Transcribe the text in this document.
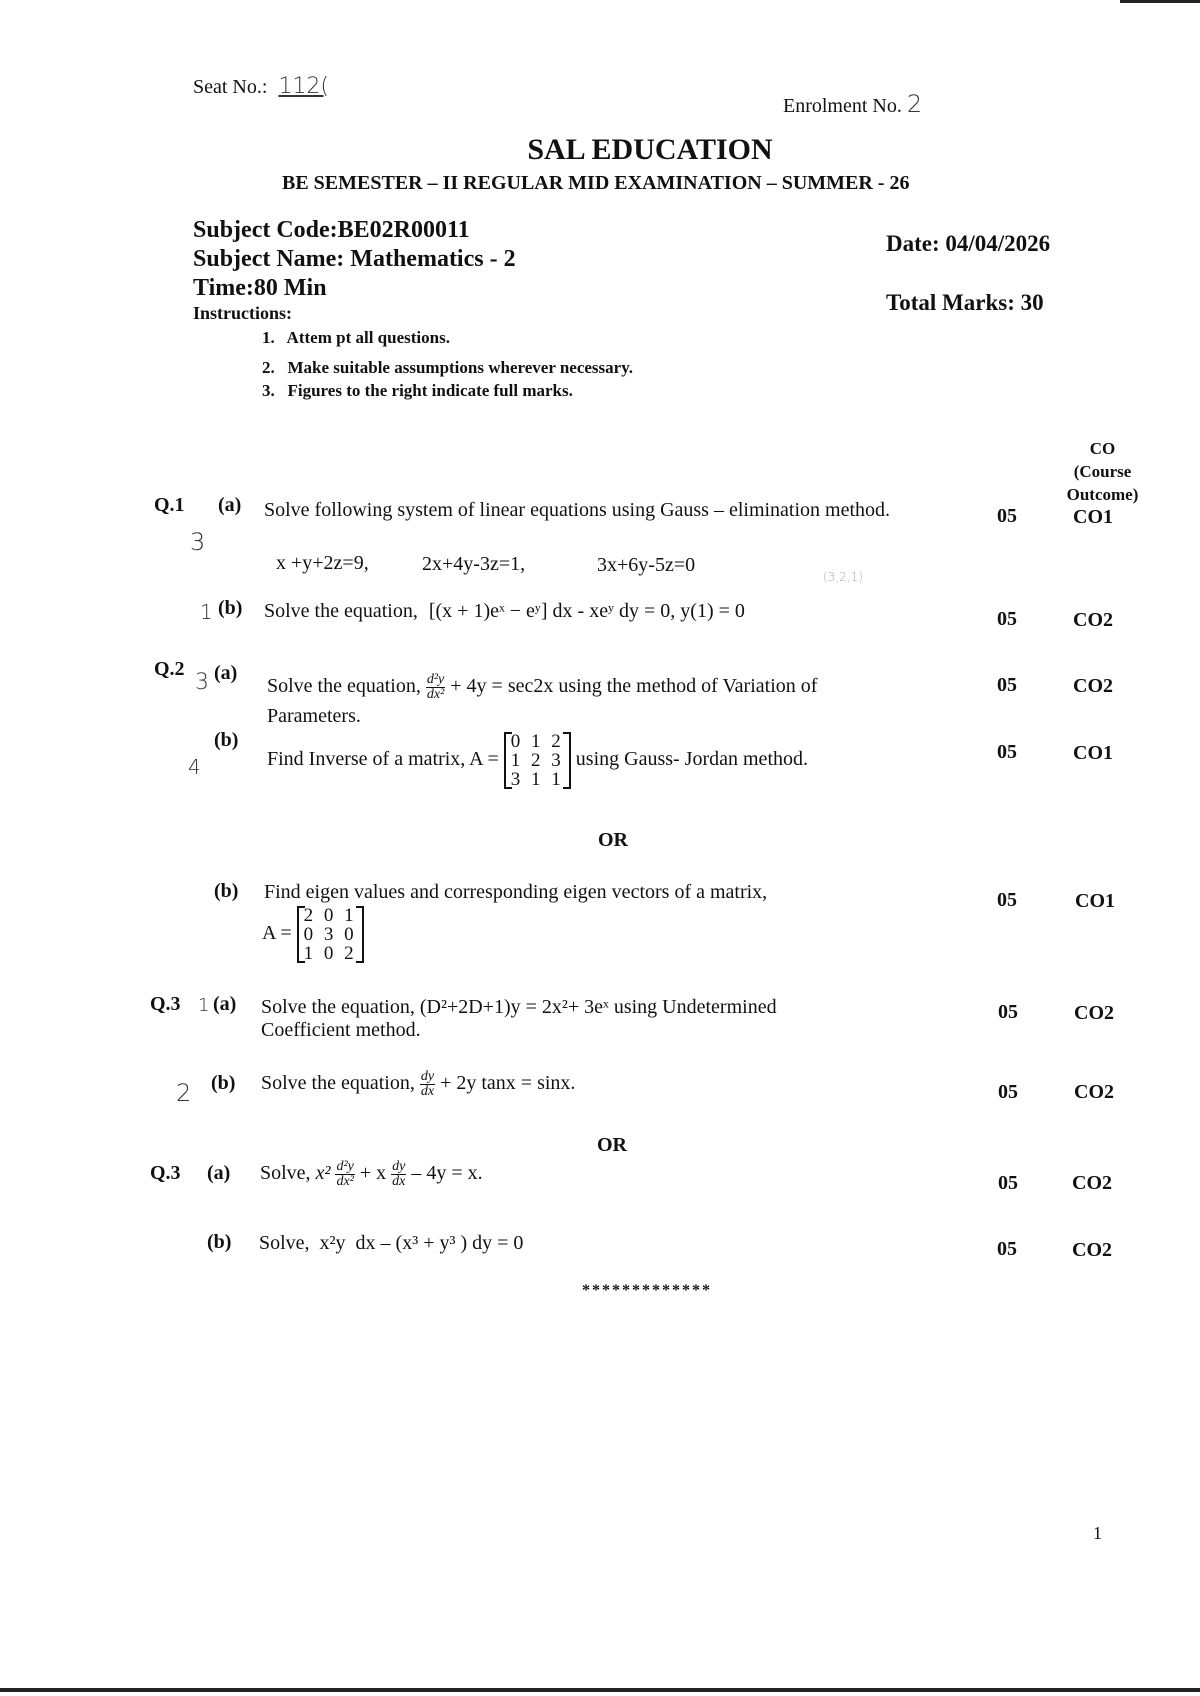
Seat No.: 112(
Enrolment No. 2
SAL EDUCATION
BE SEMESTER – II REGULAR MID EXAMINATION – SUMMER - 26
Subject Code:BE02R00011
Subject Name: Mathematics - 2
Time:80 Min
Date: 04/04/2026
Total Marks: 30
Instructions:
1.   Attem pt all questions.
2.   Make suitable assumptions wherever necessary.
3.   Figures to the right indicate full marks.
CO
(Course
Outcome)
Q.1
3
(a) Solve following system of linear equations using Gauss – elimination method.
x +y+2z=9,	2x+4y-3z=1,	3x+6y-5z=0
(3,2,1)
05	CO1
1 (b) Solve the equation, [(x + 1)eˣ − eʸ] dx - xeʸ dy = 0, y(1) = 0	05	CO2
Q.2
3 (a)
Solve the equation, $\frac{\text{d²y}}{\text{dx²}} + 4y = \sec 2x$ using the method of Variation of
Parameters.
05	CO2
(b)
4	Find Inverse of a matrix, A =
0 1 2
1 2 3
3 1 1
using Gauss- Jordan method.	05	CO1
OR
(b) Find eigen values and corresponding eigen vectors of a matrix,
A =
2 0 1
0 3 0
1 0 2
05	CO1
Q.3 1 (a) Solve the equation, (D²+2D+1)y = 2x²+ 3eˣ using Undetermined
Coefficient method.
05	CO2
2 (b) Solve the equation, $\frac{dy}{dx} + 2y$ tanx = sinx.	05	CO2
OR
Q.3 (a) Solve, $x^2 \frac{\text{d²y}}{\text{dx²}} + x \frac{dy}{dx} - 4y = x$.	05	CO2
(b) Solve,  x²y  dx – (x³ + y³ ) dy = 0	05	CO2
*************
1
